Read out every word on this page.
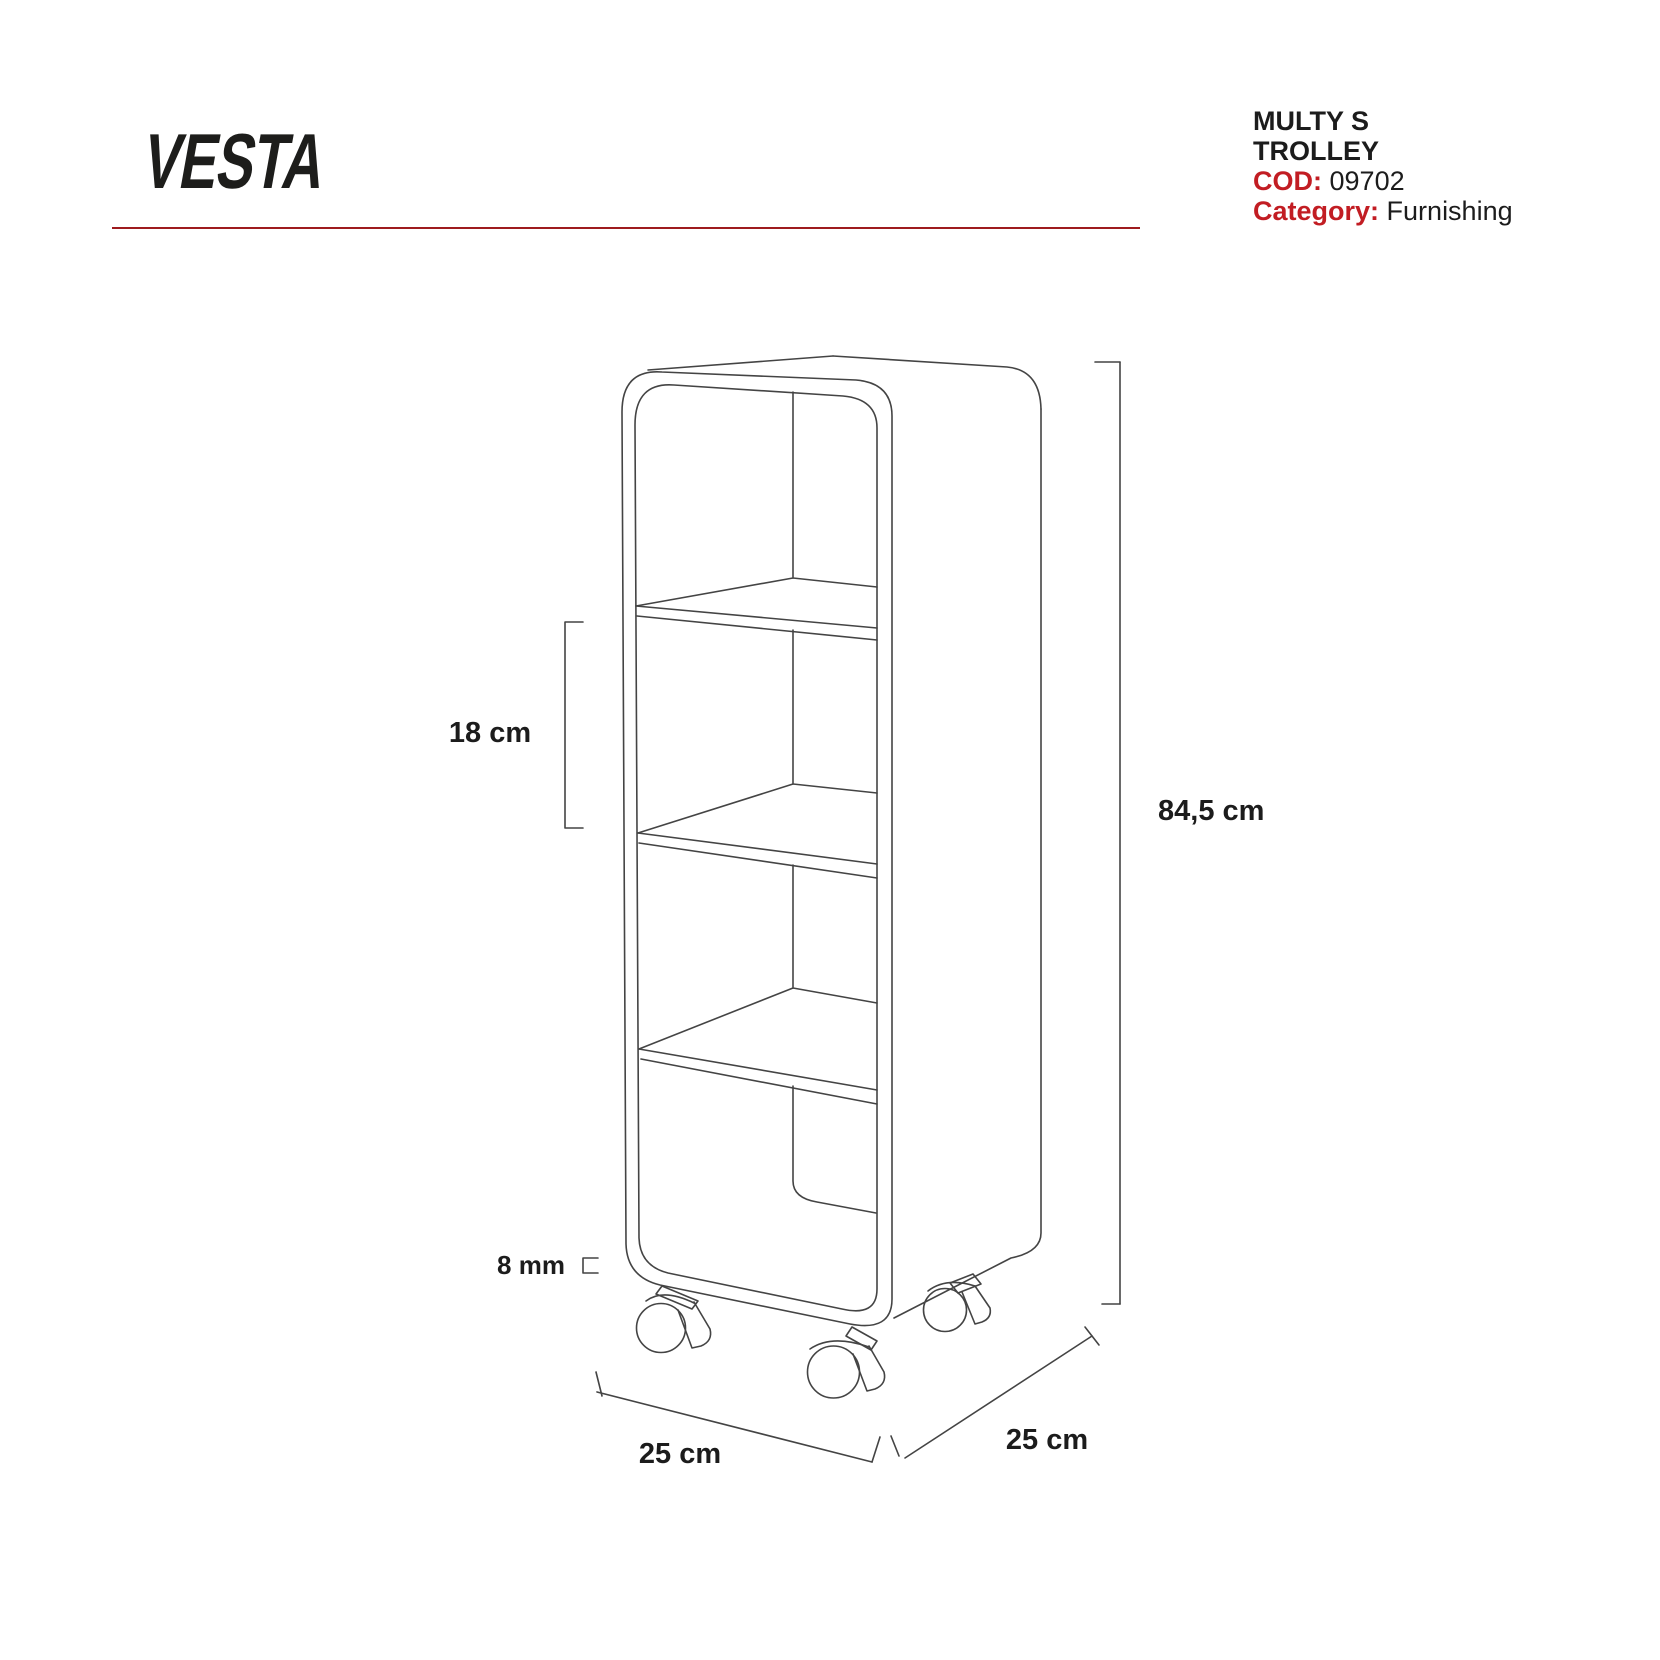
VESTA	MULTY S
TROLLEY
COD: 09702
Category: Furnishing
18 cm
84,5 cm
8 mm
25 cm	25 cm
